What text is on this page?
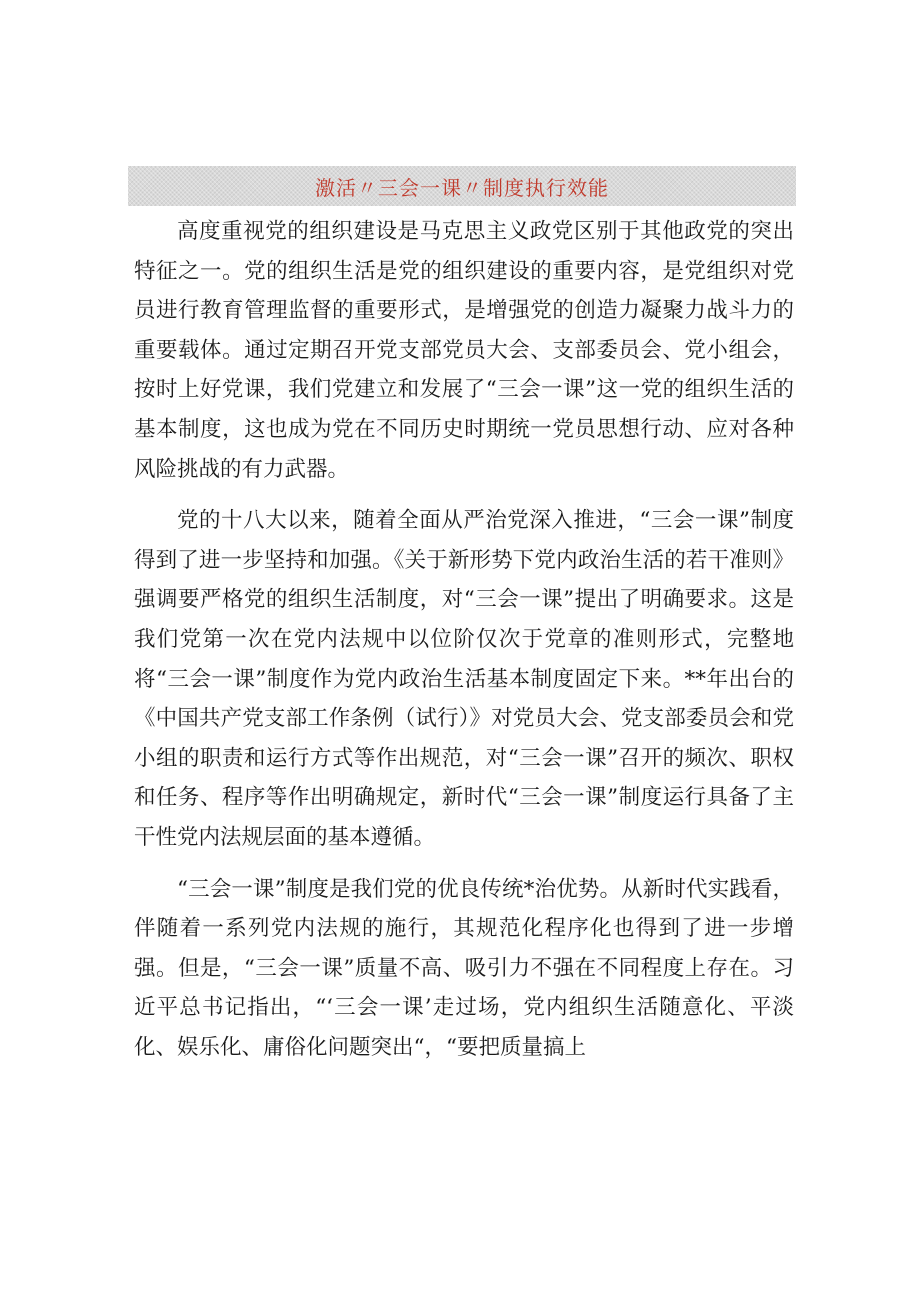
激活〃三会一课〃制度执行效能

高度重视党的组织建设是马克思主义政党区别于其他政党的突出特征之一。党的组织生活是党的组织建设的重要内容，是党组织对党员进行教育管理监督的重要形式，是增强党的创造力凝聚力战斗力的重要载体。通过定期召开党支部党员大会、支部委员会、党小组会，按时上好党课，我们党建立和发展了“三会一课”这一党的组织生活的基本制度，这也成为党在不同历史时期统一党员思想行动、应对各种风险挑战的有力武器。

党的十八大以来，随着全面从严治党深入推进，“三会一课”制度得到了进一步坚持和加强。《关于新形势下党内政治生活的若干准则》强调要严格党的组织生活制度，对“三会一课”提出了明确要求。这是我们党第一次在党内法规中以位阶仅次于党章的准则形式，完整地将“三会一课”制度作为党内政治生活基本制度固定下来。**年出台的《中国共产党支部工作条例（试行）》对党员大会、党支部委员会和党小组的职责和运行方式等作出规范，对“三会一课”召开的频次、职权和任务、程序等作出明确规定，新时代“三会一课”制度运行具备了主干性党内法规层面的基本遵循。

“三会一课”制度是我们党的优良传统*治优势。从新时代实践看，伴随着一系列党内法规的施行，其规范化程序化也得到了进一步增强。但是，“三会一课”质量不高、吸引力不强在不同程度上存在。习近平总书记指出，“‘三会一课’走过场，党内组织生活随意化、平淡化、娱乐化、庸俗化问题突出“，“要把质量搞上
